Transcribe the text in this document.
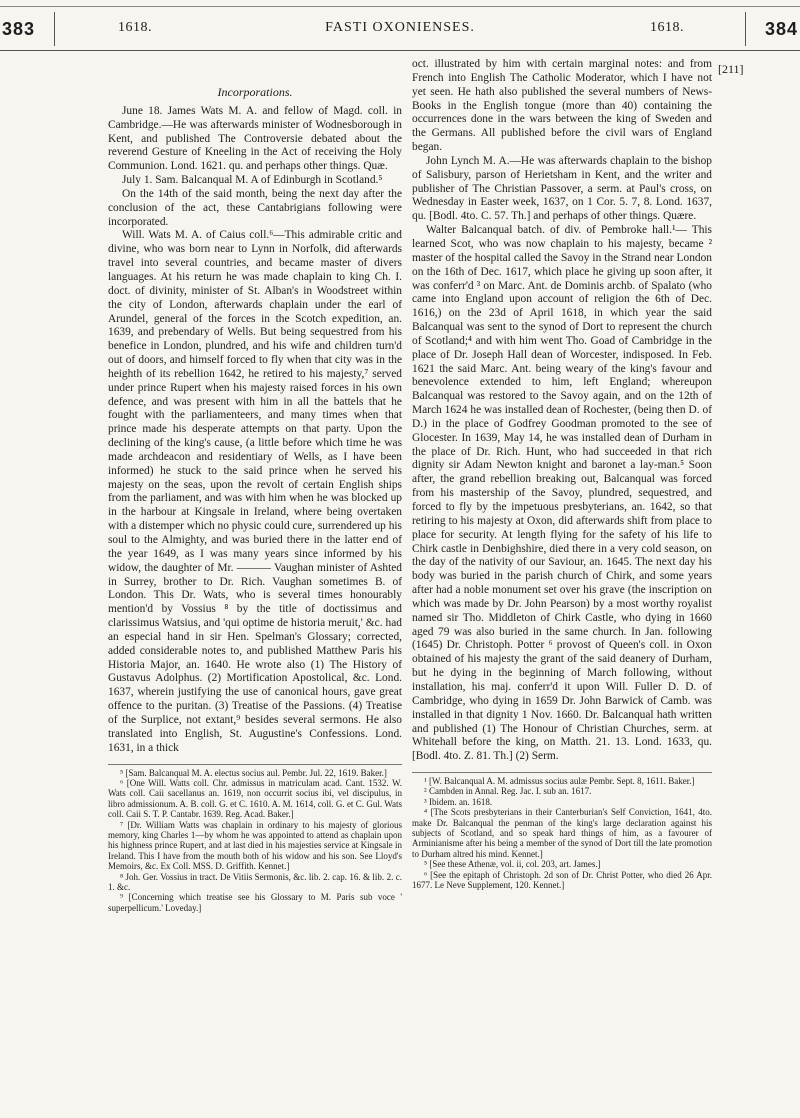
383	1618.	FASTI OXONIENSES.	1618.	384
[211]
Incorporations.

June 18. James Wats M. A. and fellow of Magd. coll. in Cambridge.—He was afterwards minister of Wodnesborough in Kent, and published The Controversie debated about the reverend Gesture of Kneeling in the Act of receiving the Holy Communion. Lond. 1621. qu. and perhaps other things. Quæ.

July 1. Sam. Balcanqual M. A of Edinburgh in Scotland.⁵

On the 14th of the said month, being the next day after the conclusion of the act, these Cantabrigians following were incorporated.

Will. Wats M. A. of Caius coll.⁶—This admirable critic and divine, who was born near to Lynn in Norfolk, did afterwards travel into several countries, and became master of divers languages. At his return he was made chaplain to king Ch. I. doct. of divinity, minister of St. Alban's in Woodstreet within the city of London, afterwards chaplain under the earl of Arundel, general of the forces in the Scotch expedition, an. 1639, and prebendary of Wells. But being sequestred from his benefice in London, plundred, and his wife and children turn'd out of doors, and himself forced to fly when that city was in the heighth of its rebellion 1642, he retired to his majesty,⁷ served under prince Rupert when his majesty raised forces in his own defence, and was present with him in all the battels that he fought with the parliamenteers, and many times when that prince made his desperate attempts on that party. Upon the declining of the king's cause, (a little before which time he was made archdeacon and residentiary of Wells, as I have been informed) he stuck to the said prince when he served his majesty on the seas, upon the revolt of certain English ships from the parliament, and was with him when he was blocked up in the harbour at Kingsale in Ireland, where being overtaken with a distemper which no physic could cure, surrendered up his soul to the Almighty, and was buried there in the latter end of the year 1649, as I was many years since informed by his widow, the daughter of Mr. ——— Vaughan minister of Ashted in Surrey, brother to Dr. Rich. Vaughan sometimes B. of London. This Dr. Wats, who is several times honourably mention'd by Vossius ⁸ by the title of doctissimus and clarissimus Watsius, and 'qui optime de historia meruit,' &c. had an especial hand in sir Hen. Spelman's Glossary; corrected, added considerable notes to, and published Matthew Paris his Historia Major, an. 1640. He wrote also (1) The History of Gustavus Adolphus. (2) Mortification Apostolical, &c. Lond. 1637, wherein justifying the use of canonical hours, gave great offence to the puritan. (3) Treatise of the Passions. (4) Treatise of the Surplice, not extant,⁹ besides several sermons. He also translated into English, St. Augustine's Confessions. Lond. 1631, in a thick

⁵ [Sam. Balcanqual M. A. electus socius aul. Pembr. Jul. 22, 1619. Baker.]

⁶ [One Will. Watts coll. Chr. admissus in matriculam acad. Cant. 1532. W. Wats coll. Caii sacellanus an. 1619, non occurrit socius ibi, vel discipulus, in libro admissionum. A. B. coll. G. et C. 1610. A. M. 1614, coll. G. et C. Gul. Wats coll. Caii S. T. P. Cantabr. 1639. Reg. Acad. Baker.]

⁷ [Dr. William Watts was chaplain in ordinary to his majesty of glorious memory, king Charles 1—by whom he was appointed to attend as chaplain upon his highness prince Rupert, and at last died in his majesties service at Kingsale in Ireland. This I have from the mouth both of his widow and his son. See Lloyd's Memoirs, &c. Ex Coll. MSS. D. Griffith. Kennet.]

⁸ Joh. Ger. Vossius in tract. De Vitiis Sermonis, &c. lib. 2. cap. 16. & lib. 2. c. 1. &c.

⁹ [Concerning which treatise see his Glossary to M. Paris sub voce ' superpellicum.' Loveday.]

oct. illustrated by him with certain marginal notes: and from French into English The Catholic Moderator, which I have not yet seen. He hath also published the several numbers of News-Books in the English tongue (more than 40) containing the occurrences done in the wars between the king of Sweden and the Germans. All published before the civil wars of England began.

John Lynch M. A.—He was afterwards chaplain to the bishop of Salisbury, parson of Herietsham in Kent, and the writer and publisher of The Christian Passover, a serm. at Paul's cross, on Wednesday in Easter week, 1637, on 1 Cor. 5. 7, 8. Lond. 1637, qu. [Bodl. 4to. C. 57. Th.] and perhaps of other things. Quære.

Walter Balcanqual batch. of div. of Pembroke hall.¹— This learned Scot, who was now chaplain to his majesty, became ² master of the hospital called the Savoy in the Strand near London on the 16th of Dec. 1617, which place he giving up soon after, it was conferr'd ³ on Marc. Ant. de Dominis archb. of Spalato (who came into England upon account of religion the 6th of Dec. 1616,) on the 23d of April 1618, in which year the said Balcanqual was sent to the synod of Dort to represent the church of Scotland;⁴ and with him went Tho. Goad of Cambridge in the place of Dr. Joseph Hall dean of Worcester, indisposed. In Feb. 1621 the said Marc. Ant. being weary of the king's favour and benevolence extended to him, left England; whereupon Balcanqual was restored to the Savoy again, and on the 12th of March 1624 he was installed dean of Rochester, (being then D. of D.) in the place of Godfrey Goodman promoted to the see of Glocester. In 1639, May 14, he was installed dean of Durham in the place of Dr. Rich. Hunt, who had succeeded in that rich dignity sir Adam Newton knight and baronet a lay-man.⁵ Soon after, the grand rebellion breaking out, Balcanqual was forced from his mastership of the Savoy, plundred, sequestred, and forced to fly by the impetuous presbyterians, an. 1642, so that retiring to his majesty at Oxon, did afterwards shift from place to place for security. At length flying for the safety of his life to Chirk castle in Denbighshire, died there in a very cold season, on the day of the nativity of our Saviour, an. 1645. The next day his body was buried in the parish church of Chirk, and some years after had a noble monument set over his grave (the inscription on which was made by Dr. John Pearson) by a most worthy royalist named sir Tho. Middleton of Chirk Castle, who dying in 1660 aged 79 was also buried in the same church. In Jan. following (1645) Dr. Christoph. Potter ⁶ provost of Queen's coll. in Oxon obtained of his majesty the grant of the said deanery of Durham, but he dying in the beginning of March following, without installation, his maj. conferr'd it upon Will. Fuller D. D. of Cambridge, who dying in 1659 Dr. John Barwick of Camb. was installed in that dignity 1 Nov. 1660. Dr. Balcanqual hath written and published (1) The Honour of Christian Churches, serm. at Whitehall before the king, on Matth. 21. 13. Lond. 1633, qu. [Bodl. 4to. Z. 81. Th.] (2) Serm.

¹ [W. Balcanqual A. M. admissus socius aulæ Pembr. Sept. 8, 1611. Baker.]

² Cambden in Annal. Reg. Jac. I. sub an. 1617.

³ Ibidem. an. 1618.

⁴ [The Scots presbyterians in their Canterburian's Self Conviction, 1641, 4to. make Dr. Balcanqual the penman of the king's large declaration against his subjects of Scotland, and so speak hard things of him, as a favourer of Arminianisme after his being a member of the synod of Dort till the late promotion to Durham altred his mind. Kennet.]

⁵ [See these Athenæ, vol. ii, col. 203, art. James.]

⁶ [See the epitaph of Christoph. 2d son of Dr. Christ Potter, who died 26 Apr. 1677. Le Neve Supplement, 120. Kennet.]
